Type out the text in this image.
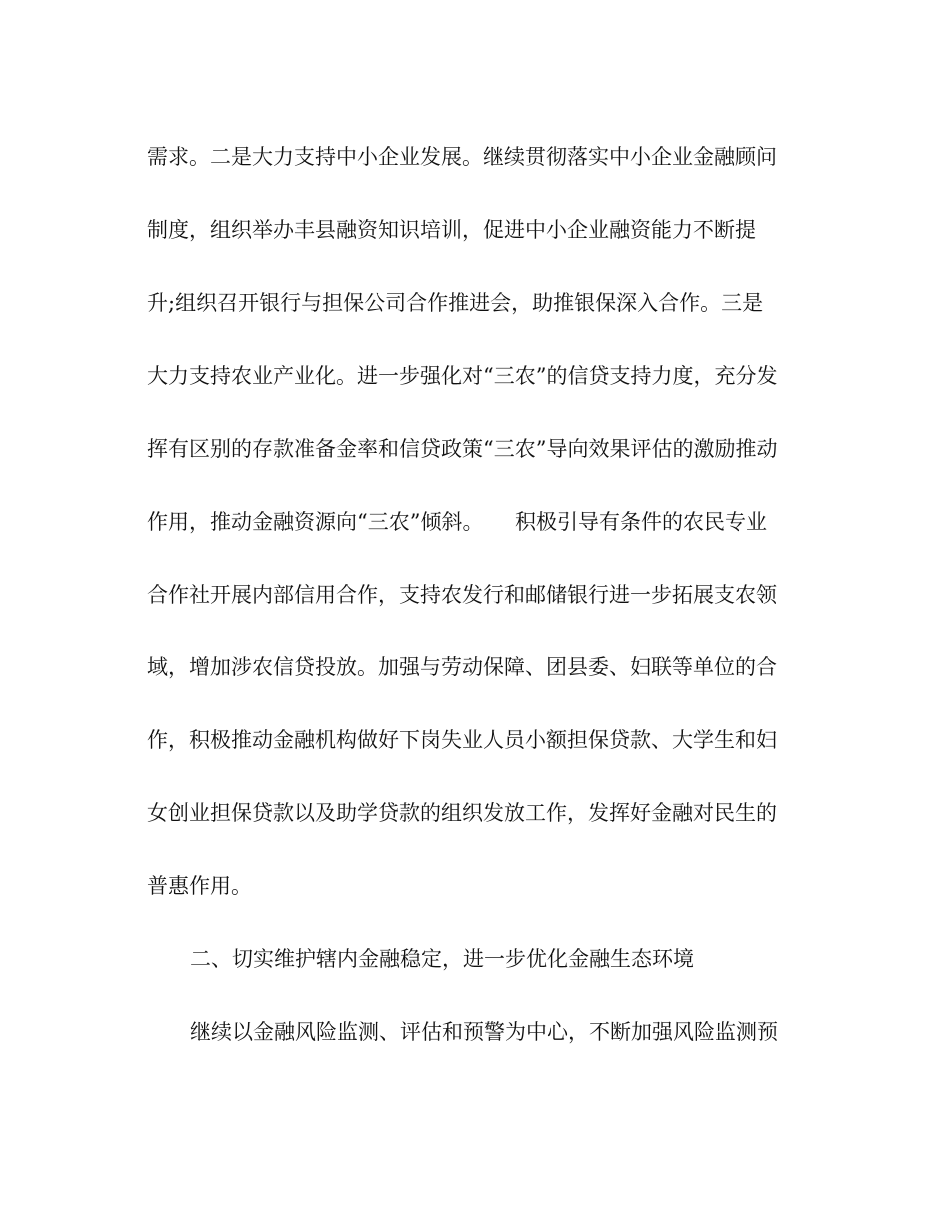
需求。二是大力支持中小企业发展。继续贯彻落实中小企业金融顾问
制度，组织举办丰县融资知识培训，促进中小企业融资能力不断提
升;组织召开银行与担保公司合作推进会，助推银保深入合作。三是
大力支持农业产业化。进一步强化对“三农”的信贷支持力度，充分发
挥有区别的存款准备金率和信贷政策“三农”导向效果评估的激励推动
作用，推动金融资源向“三农”倾斜。　　积极引导有条件的农民专业
合作社开展内部信用合作，支持农发行和邮储银行进一步拓展支农领
域，增加涉农信贷投放。加强与劳动保障、团县委、妇联等单位的合
作，积极推动金融机构做好下岗失业人员小额担保贷款、大学生和妇
女创业担保贷款以及助学贷款的组织发放工作，发挥好金融对民生的
普惠作用。
二、切实维护辖内金融稳定，进一步优化金融生态环境
继续以金融风险监测、评估和预警为中心，不断加强风险监测预
